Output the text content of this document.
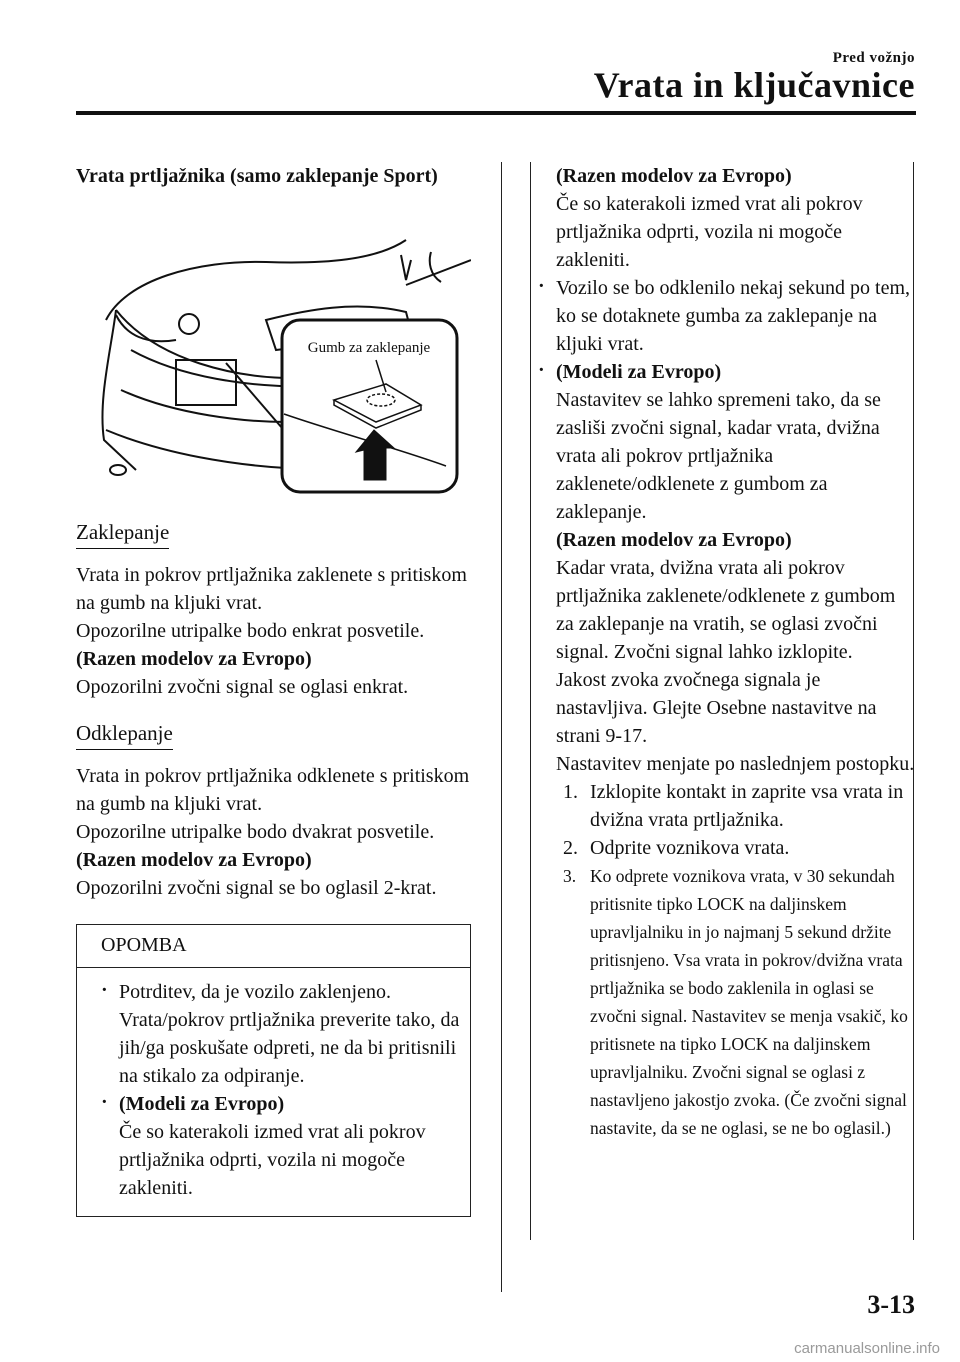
Pred vožnjo
Vrata in ključavnice

Vrata prtljažnika (samo zaklepanje Sport)

Gumb za zaklepanje
Zaklepanje

Vrata in pokrov prtljažnika zaklenete s pritiskom na gumb na kljuki vrat.

Opozorilne utripalke bodo enkrat posvetile.

(Razen modelov za Evropo)

Opozorilni zvočni signal se oglasi enkrat.

Odklepanje

Vrata in pokrov prtljažnika odklenete s pritiskom na gumb na kljuki vrat.

Opozorilne utripalke bodo dvakrat posvetile.

(Razen modelov za Evropo)

Opozorilni zvočni signal se bo oglasil 2-krat.

OPOMBA
· Potrditev, da je vozilo zaklenjeno. Vrata/pokrov prtljažnika preverite tako, da jih/ga poskušate odpreti, ne da bi pritisnili na stikalo za odpiranje.
· (Modeli za Evropo)
Če so katerakoli izmed vrat ali pokrov prtljažnika odprti, vozila ni mogoče zakleniti.

(Razen modelov za Evropo)

Če so katerakoli izmed vrat ali pokrov prtljažnika odprti, vozila ni mogoče zakleniti.

· Vozilo se bo odklenilo nekaj sekund po tem, ko se dotaknete gumba za zaklepanje na kljuki vrat.
· (Modeli za Evropo)
Nastavitev se lahko spremeni tako, da se zasliši zvočni signal, kadar vrata, dvižna vrata ali pokrov prtljažnika zaklenete/odklenete z gumbom za zaklepanje.
(Razen modelov za Evropo)
Kadar vrata, dvižna vrata ali pokrov prtljažnika zaklenete/odklenete z gumbom za zaklepanje na vratih, se oglasi zvočni signal. Zvočni signal lahko izklopite.
Jakost zvoka zvočnega signala je nastavljiva. Glejte Osebne nastavitve na strani 9-17.
Nastavitev menjate po naslednjem postopku.
1. Izklopite kontakt in zaprite vsa vrata in dvižna vrata prtljažnika.
2. Odprite voznikova vrata.
3. Ko odprete voznikova vrata, v 30 sekundah pritisnite tipko LOCK na daljinskem upravljalniku in jo najmanj 5 sekund držite pritisnjeno. Vsa vrata in pokrov/dvižna vrata prtljažnika se bodo zaklenila in oglasi se zvočni signal. Nastavitev se menja vsakič, ko pritisnete na tipko LOCK na daljinskem upravljalniku. Zvočni signal se oglasi z nastavljeno jakostjo zvoka. (Če zvočni signal nastavite, da se ne oglasi, se ne bo oglasil.)
3-13
carmanualsonline.info
